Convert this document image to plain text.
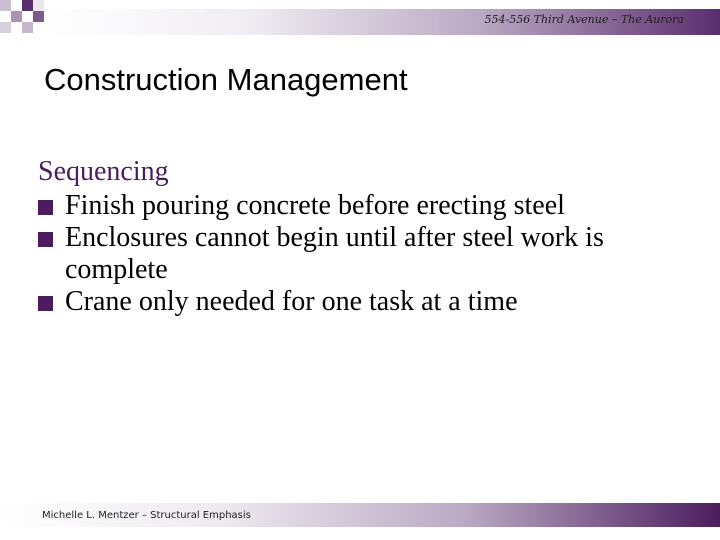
554-556 Third Avenue – The Aurora
Construction Management
Sequencing
Finish pouring concrete before erecting steel
Enclosures cannot begin until after steel work is complete
Crane only needed for one task at a time
Michelle L. Mentzer – Structural Emphasis
